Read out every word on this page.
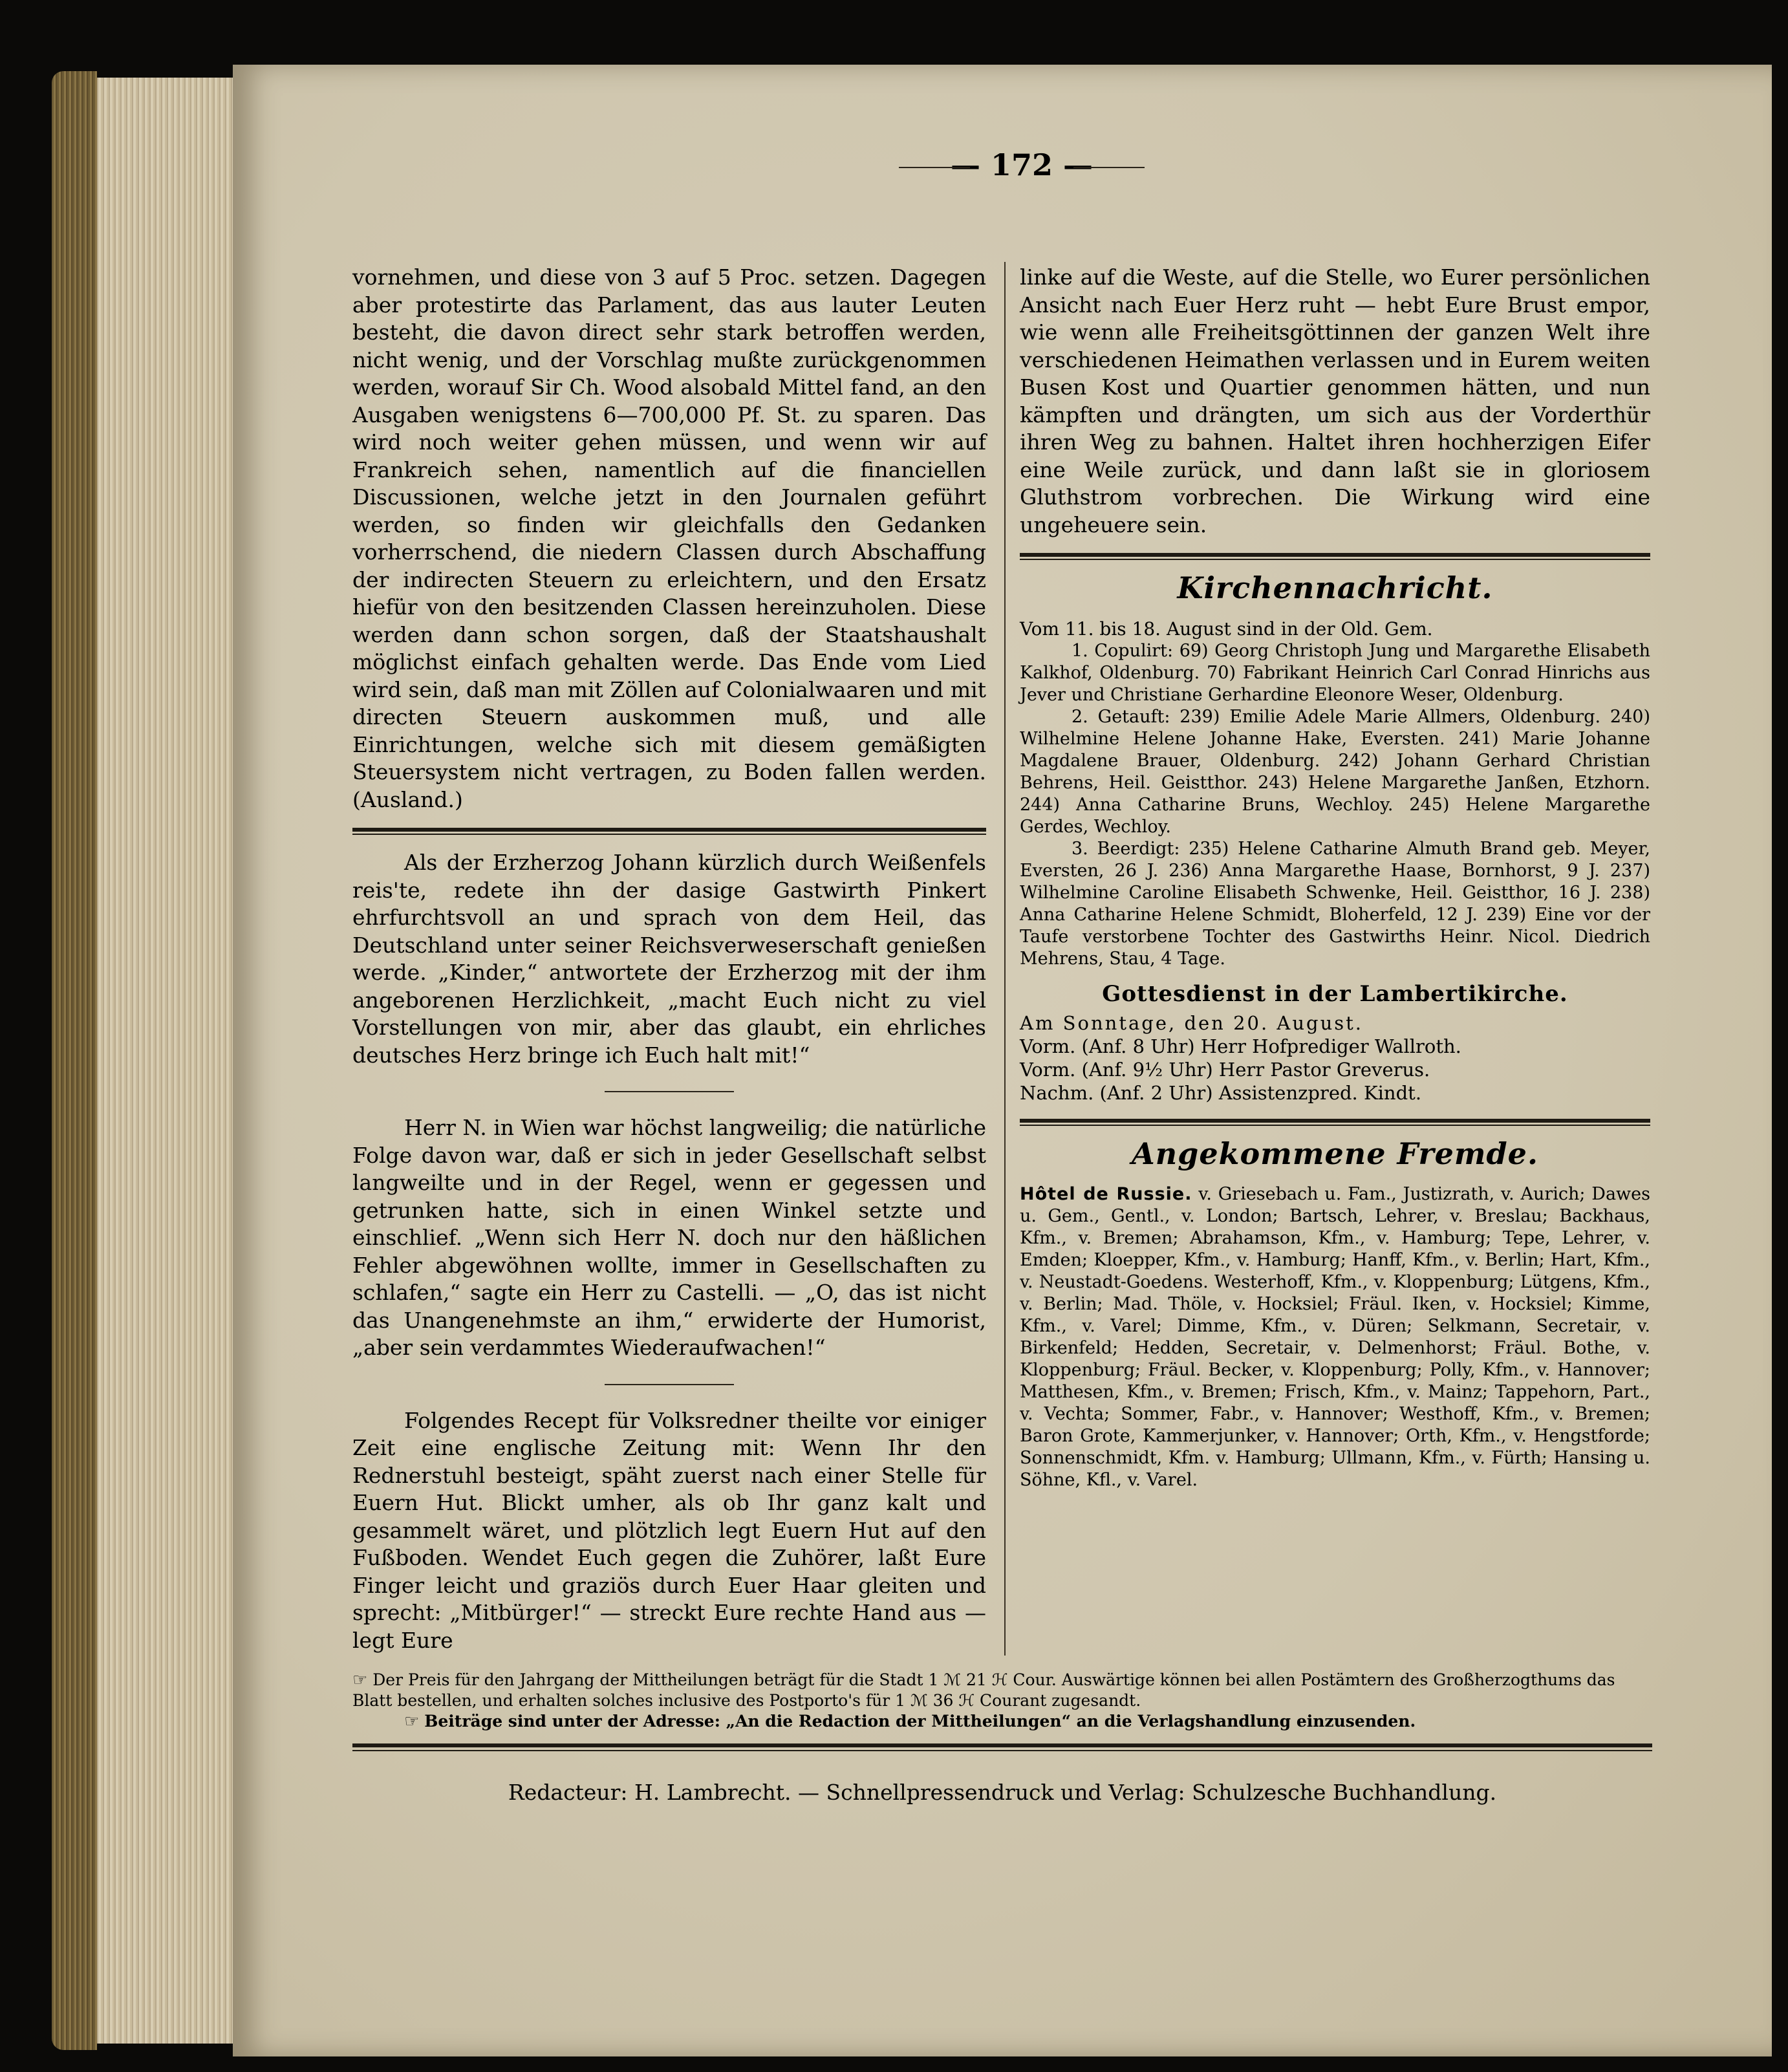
— 172 —

vornehmen, und diese von 3 auf 5 Proc. setzen. Dagegen aber protestirte das Parlament, das aus lauter Leuten besteht, die davon direct sehr stark betroffen werden, nicht wenig, und der Vorschlag mußte zurückgenommen werden, worauf Sir Ch. Wood alsobald Mittel fand, an den Ausgaben wenigstens 6—700,000 Pf. St. zu sparen. Das wird noch weiter gehen müssen, und wenn wir auf Frankreich sehen, namentlich auf die financiellen Discussionen, welche jetzt in den Journalen geführt werden, so finden wir gleichfalls den Gedanken vorherrschend, die niedern Classen durch Abschaffung der indirecten Steuern zu erleichtern, und den Ersatz hiefür von den besitzenden Classen hereinzuholen. Diese werden dann schon sorgen, daß der Staatshaushalt möglichst einfach gehalten werde. Das Ende vom Lied wird sein, daß man mit Zöllen auf Colonialwaaren und mit directen Steuern auskommen muß, und alle Einrichtungen, welche sich mit diesem gemäßigten Steuersystem nicht vertragen, zu Boden fallen werden. (Ausland.)

Als der Erzherzog Johann kürzlich durch Weißenfels reis'te, redete ihn der dasige Gastwirth Pinkert ehrfurchtsvoll an und sprach von dem Heil, das Deutschland unter seiner Reichsverweserschaft genießen werde. „Kinder,“ antwortete der Erzherzog mit der ihm angeborenen Herzlichkeit, „macht Euch nicht zu viel Vorstellungen von mir, aber das glaubt, ein ehrliches deutsches Herz bringe ich Euch halt mit!“

Herr N. in Wien war höchst langweilig; die natürliche Folge davon war, daß er sich in jeder Gesellschaft selbst langweilte und in der Regel, wenn er gegessen und getrunken hatte, sich in einen Winkel setzte und einschlief. „Wenn sich Herr N. doch nur den häßlichen Fehler abgewöhnen wollte, immer in Gesellschaften zu schlafen,“ sagte ein Herr zu Castelli. — „O, das ist nicht das Unangenehmste an ihm,“ erwiderte der Humorist, „aber sein verdammtes Wiederaufwachen!“

Folgendes Recept für Volksredner theilte vor einiger Zeit eine englische Zeitung mit: Wenn Ihr den Rednerstuhl besteigt, späht zuerst nach einer Stelle für Euern Hut. Blickt umher, als ob Ihr ganz kalt und gesammelt wäret, und plötzlich legt Euern Hut auf den Fußboden. Wendet Euch gegen die Zuhörer, laßt Eure Finger leicht und graziös durch Euer Haar gleiten und sprecht: „Mitbürger!“ — streckt Eure rechte Hand aus — legt Eure

linke auf die Weste, auf die Stelle, wo Eurer persönlichen Ansicht nach Euer Herz ruht — hebt Eure Brust empor, wie wenn alle Freiheitsgöttinnen der ganzen Welt ihre verschiedenen Heimathen verlassen und in Eurem weiten Busen Kost und Quartier genommen hätten, und nun kämpften und drängten, um sich aus der Vorderthür ihren Weg zu bahnen. Haltet ihren hochherzigen Eifer eine Weile zurück, und dann laßt sie in gloriosem Gluthstrom vorbrechen. Die Wirkung wird eine ungeheuere sein.

Kirchennachricht.

Vom 11. bis 18. August sind in der Old. Gem.

1. Copulirt: 69) Georg Christoph Jung und Margarethe Elisabeth Kalkhof, Oldenburg. 70) Fabrikant Heinrich Carl Conrad Hinrichs aus Jever und Christiane Gerhardine Eleonore Weser, Oldenburg.

2. Getauft: 239) Emilie Adele Marie Allmers, Oldenburg. 240) Wilhelmine Helene Johanne Hake, Eversten. 241) Marie Johanne Magdalene Brauer, Oldenburg. 242) Johann Gerhard Christian Behrens, Heil. Geistthor. 243) Helene Margarethe Janßen, Etzhorn. 244) Anna Catharine Bruns, Wechloy. 245) Helene Margarethe Gerdes, Wechloy.

3. Beerdigt: 235) Helene Catharine Almuth Brand geb. Meyer, Eversten, 26 J. 236) Anna Margarethe Haase, Bornhorst, 9 J. 237) Wilhelmine Caroline Elisabeth Schwenke, Heil. Geistthor, 16 J. 238) Anna Catharine Helene Schmidt, Bloherfeld, 12 J. 239) Eine vor der Taufe verstorbene Tochter des Gastwirths Heinr. Nicol. Diedrich Mehrens, Stau, 4 Tage.

Gottesdienst in der Lambertikirche.

Am Sonntage, den 20. August.

Vorm. (Anf. 8 Uhr) Herr Hofprediger Wallroth.

Vorm. (Anf. 9½ Uhr) Herr Pastor Greverus.

Nachm. (Anf. 2 Uhr) Assistenzpred. Kindt.

Angekommene Fremde.

Hôtel de Russie. v. Griesebach u. Fam., Justizrath, v. Aurich; Dawes u. Gem., Gentl., v. London; Bartsch, Lehrer, v. Breslau; Backhaus, Kfm., v. Bremen; Abrahamson, Kfm., v. Hamburg; Tepe, Lehrer, v. Emden; Kloepper, Kfm., v. Hamburg; Hanff, Kfm., v. Berlin; Hart, Kfm., v. Neustadt-Goedens. Westerhoff, Kfm., v. Kloppenburg; Lütgens, Kfm., v. Berlin; Mad. Thöle, v. Hocksiel; Fräul. Iken, v. Hocksiel; Kimme, Kfm., v. Varel; Dimme, Kfm., v. Düren; Selkmann, Secretair, v. Birkenfeld; Hedden, Secretair, v. Delmenhorst; Fräul. Bothe, v. Kloppenburg; Fräul. Becker, v. Kloppenburg; Polly, Kfm., v. Hannover; Matthesen, Kfm., v. Bremen; Frisch, Kfm., v. Mainz; Tappehorn, Part., v. Vechta; Sommer, Fabr., v. Hannover; Westhoff, Kfm., v. Bremen; Baron Grote, Kammerjunker, v. Hannover; Orth, Kfm., v. Hengstforde; Sonnenschmidt, Kfm. v. Hamburg; Ullmann, Kfm., v. Fürth; Hansing u. Söhne, Kfl., v. Varel.

☞ Der Preis für den Jahrgang der Mittheilungen beträgt für die Stadt 1 ℳ 21 ℋ Cour. Auswärtige können bei allen Postämtern des Großherzogthums das Blatt bestellen, und erhalten solches inclusive des Postporto's für 1 ℳ 36 ℋ Courant zugesandt.
☞ Beiträge sind unter der Adresse: „An die Redaction der Mittheilungen“ an die Verlagshandlung einzusenden.
Redacteur: H. Lambrecht. — Schnellpressendruck und Verlag: Schulzesche Buchhandlung.
